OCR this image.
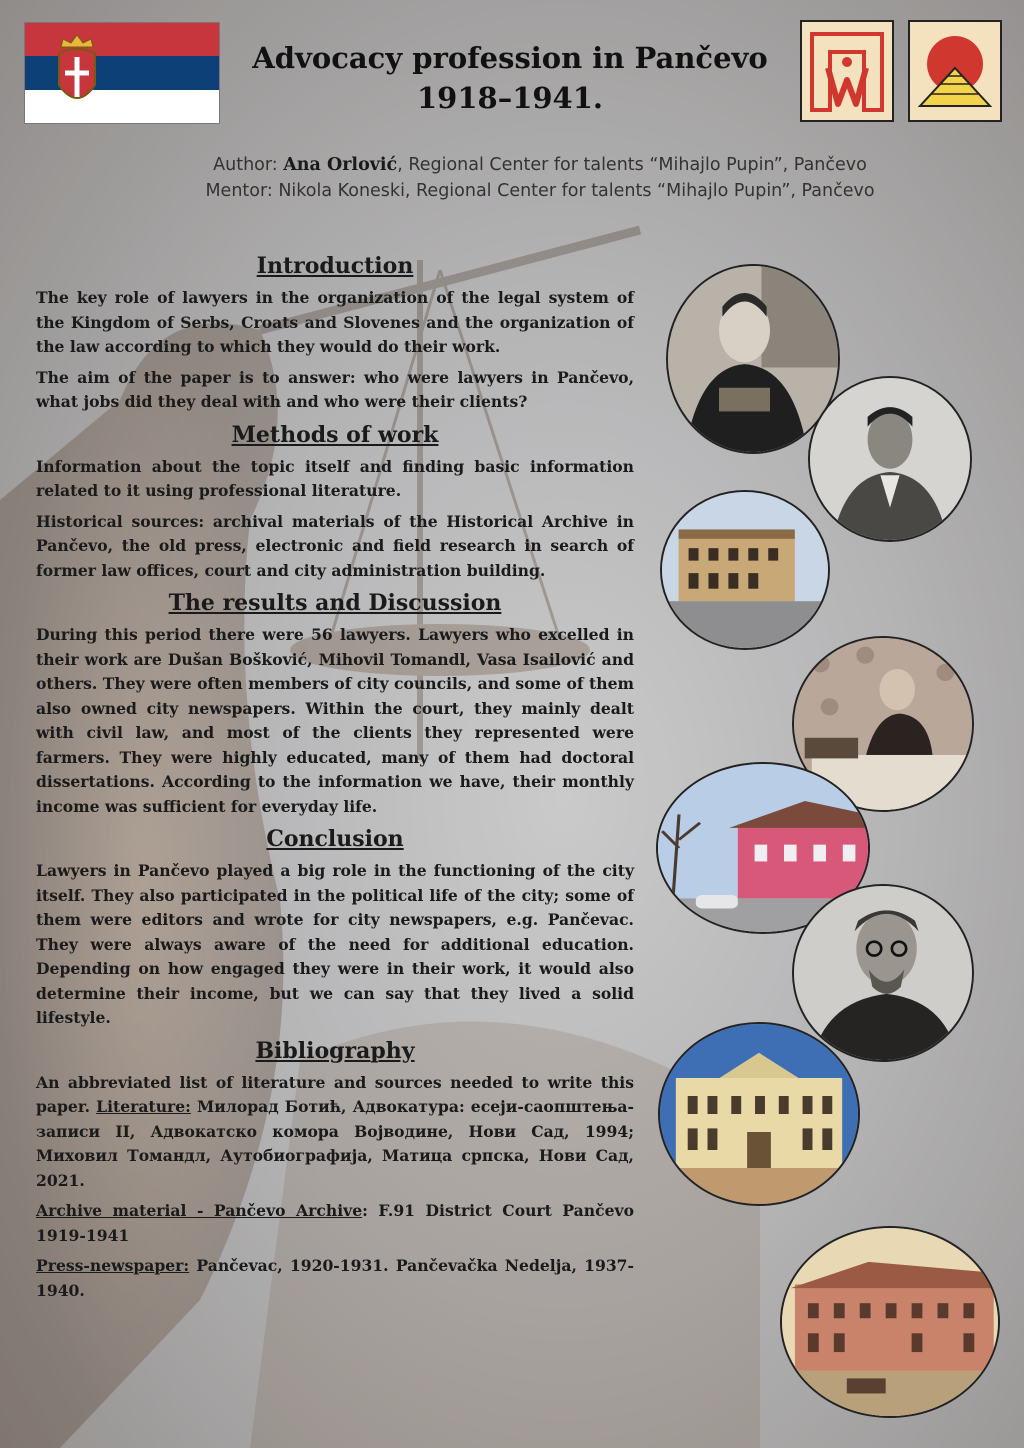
Advocacy profession in Pančevo
1918–1941.
Author: Ana Orlović, Regional Center for talents “Mihajlo Pupin”, Pančevo
Mentor: Nikola Koneski, Regional Center for talents “Mihajlo Pupin”, Pančevo
Introduction

The key role of lawyers in the organization of the legal system of the Kingdom of Serbs, Croats and Slovenes and the organization of the law according to which they would do their work.

The aim of the paper is to answer: who were lawyers in Pančevo, what jobs did they deal with and who were their clients?

Methods of work

Information about the topic itself and finding basic information related to it using professional literature.

Historical sources: archival materials of the Historical Archive in Pančevo, the old press, electronic and field research in search of former law offices, court and city administration building.

The results and Discussion

During this period there were 56 lawyers. Lawyers who excelled in their work are Dušan Bošković, Mihovil Tomandl, Vasa Isailović and others. They were often members of city councils, and some of them also owned city newspapers. Within the court, they mainly dealt with civil law, and most of the clients they represented were farmers. They were highly educated, many of them had doctoral dissertations. According to the information we have, their monthly income was sufficient for everyday life.

Conclusion

Lawyers in Pančevo played a big role in the functioning of the city itself. They also participated in the political life of the city; some of them were editors and wrote for city newspapers, e.g. Pančevac. They were always aware of the need for additional education. Depending on how engaged they were in their work, it would also determine their income, but we can say that they lived a solid lifestyle.

Bibliography

An abbreviated list of literature and sources needed to write this paper. Literature: Милорад Ботић, Адвокатура: есеји-саопштења-записи II, Адвокатско комора Војводине, Нови Сад, 1994; Миховил Томандл, Аутобиографија, Матица српска, Нови Сад, 2021.

Archive material - Pančevo Archive: F.91 District Court Pančevo 1919-1941

Press-newspaper: Pančevac, 1920-1931. Pančevačka Nedelja, 1937-1940.
